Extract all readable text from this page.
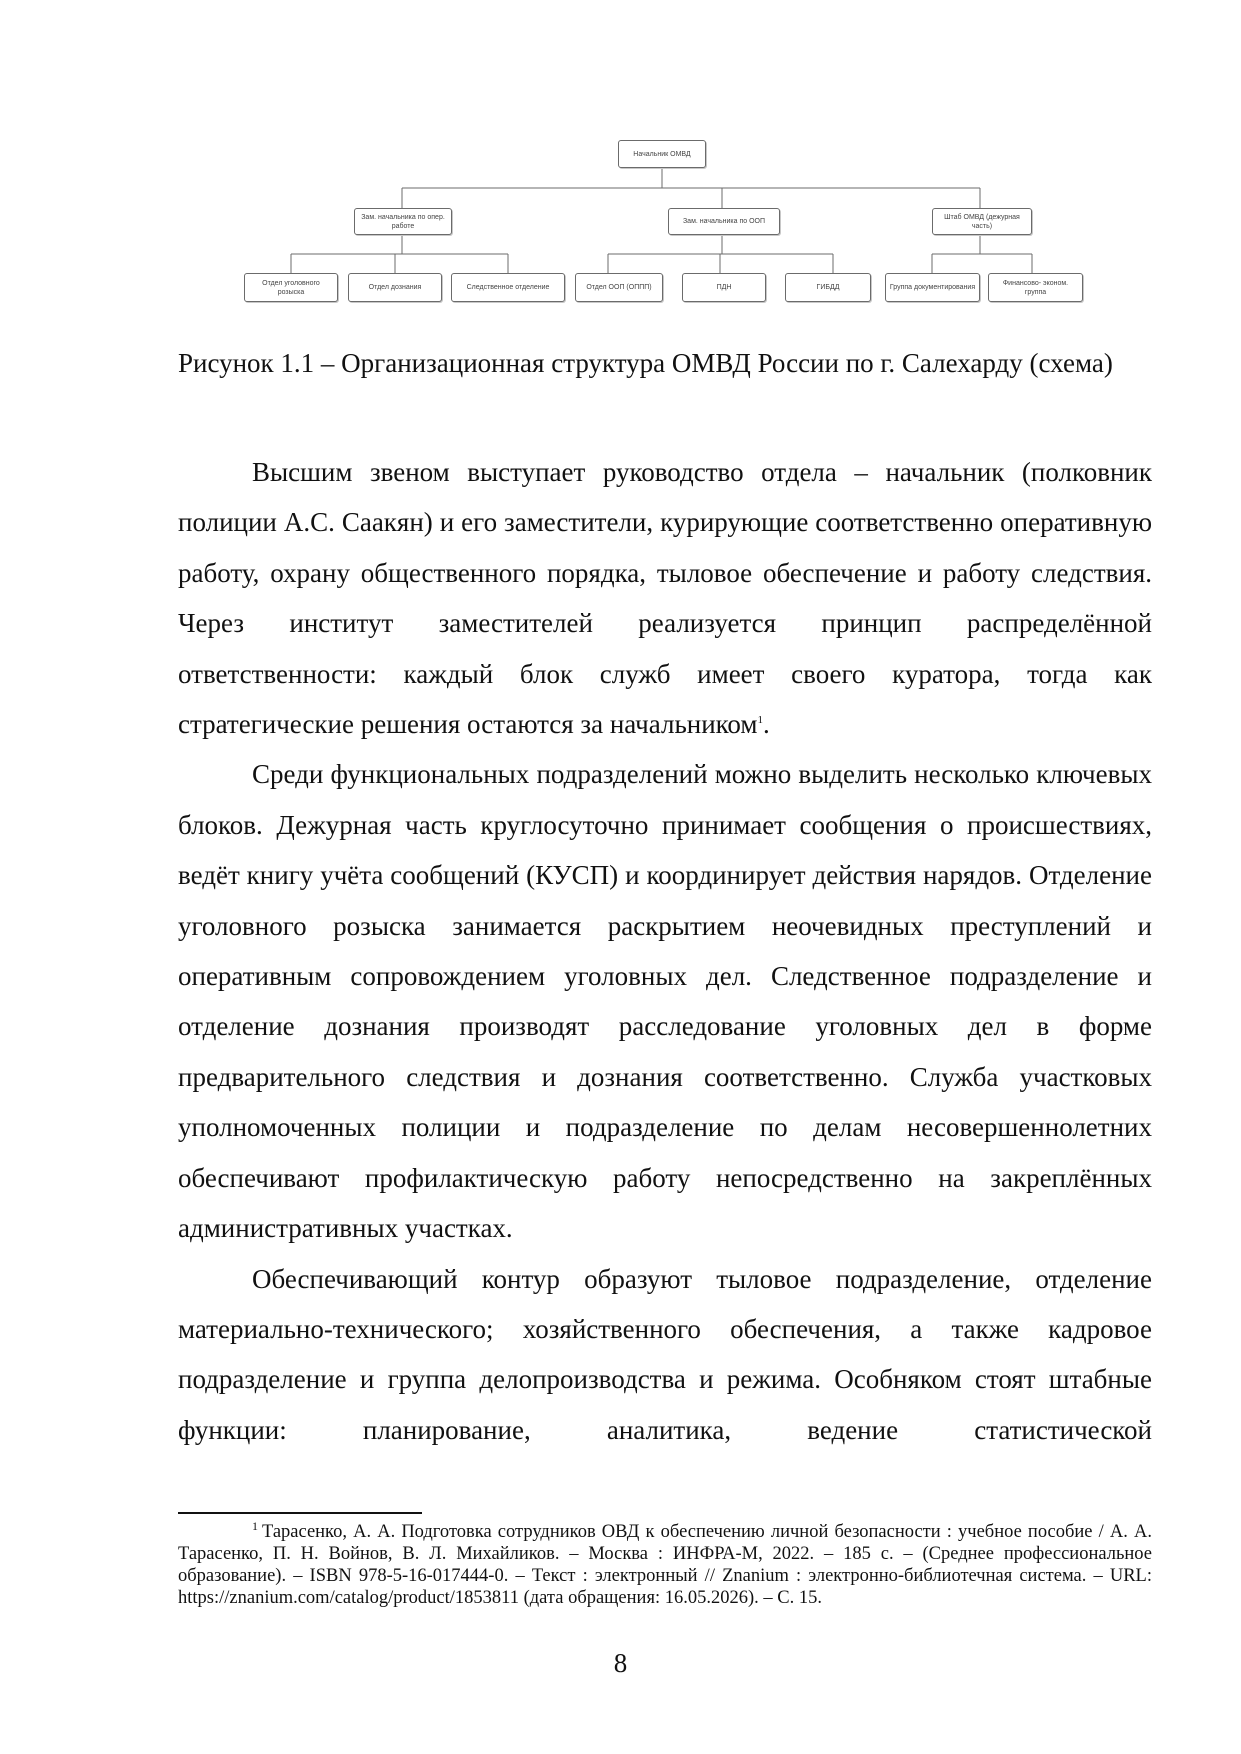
Начальник ОМВД
Зам. начальника по опер. работе
Зам. начальника по ООП
Штаб ОМВД (дежурная часть)
Отдел уголовного розыска
Отдел дознания	Следственное отделение	Отдел ООП (ОППП)	ПДН	ГИБДД	Группа документирования
Финансово- эконом. группа
Рисунок 1.1 – Организационная структура ОМВД России по г. Салехарду (схема)

Высшим звеном выступает руководство отдела – начальник (полковник полиции А.С. Саакян) и его заместители, курирующие соответственно оперативную работу, охрану общественного порядка, тыловое обеспечение и работу следствия. Через институт заместителей реализуется принцип распределённой ответственности: каждый блок служб имеет своего куратора, тогда как стратегические решения остаются за начальником$^1$.

Среди функциональных подразделений можно выделить несколько ключевых блоков. Дежурная часть круглосуточно принимает сообщения о происшествиях, ведёт книгу учёта сообщений (КУСП) и координирует действия нарядов. Отделение уголовного розыска занимается раскрытием неочевидных преступлений и оперативным сопровождением уголовных дел. Следственное подразделение и отделение дознания производят расследование уголовных дел в форме предварительного следствия и дознания соответственно. Служба участковых уполномоченных полиции и подразделение по делам несовершеннолетних обеспечивают профилактическую работу непосредственно на закреплённых административных участках.

Обеспечивающий контур образуют тыловое подразделение, отделение материально-технического; хозяйственного обеспечения, а также кадровое подразделение и группа делопроизводства и режима. Особняком стоят штабные функции: планирование, аналитика, ведение статистической

$^1$ Тарасенко, А. А. Подготовка сотрудников ОВД к обеспечению личной безопасности : учебное пособие / А. А. Тарасенко, П. Н. Войнов, В. Л. Михайликов. – Москва : ИНФРА-М, 2022. – 185 с. – (Среднее профессиональное образование). – ISBN 978-5-16-017444-0. – Текст : электронный // Znanium : электронно-библиотечная система. – URL: https://znanium.com/catalog/product/1853811 (дата обращения: 16.05.2026). – С. 15.
8
